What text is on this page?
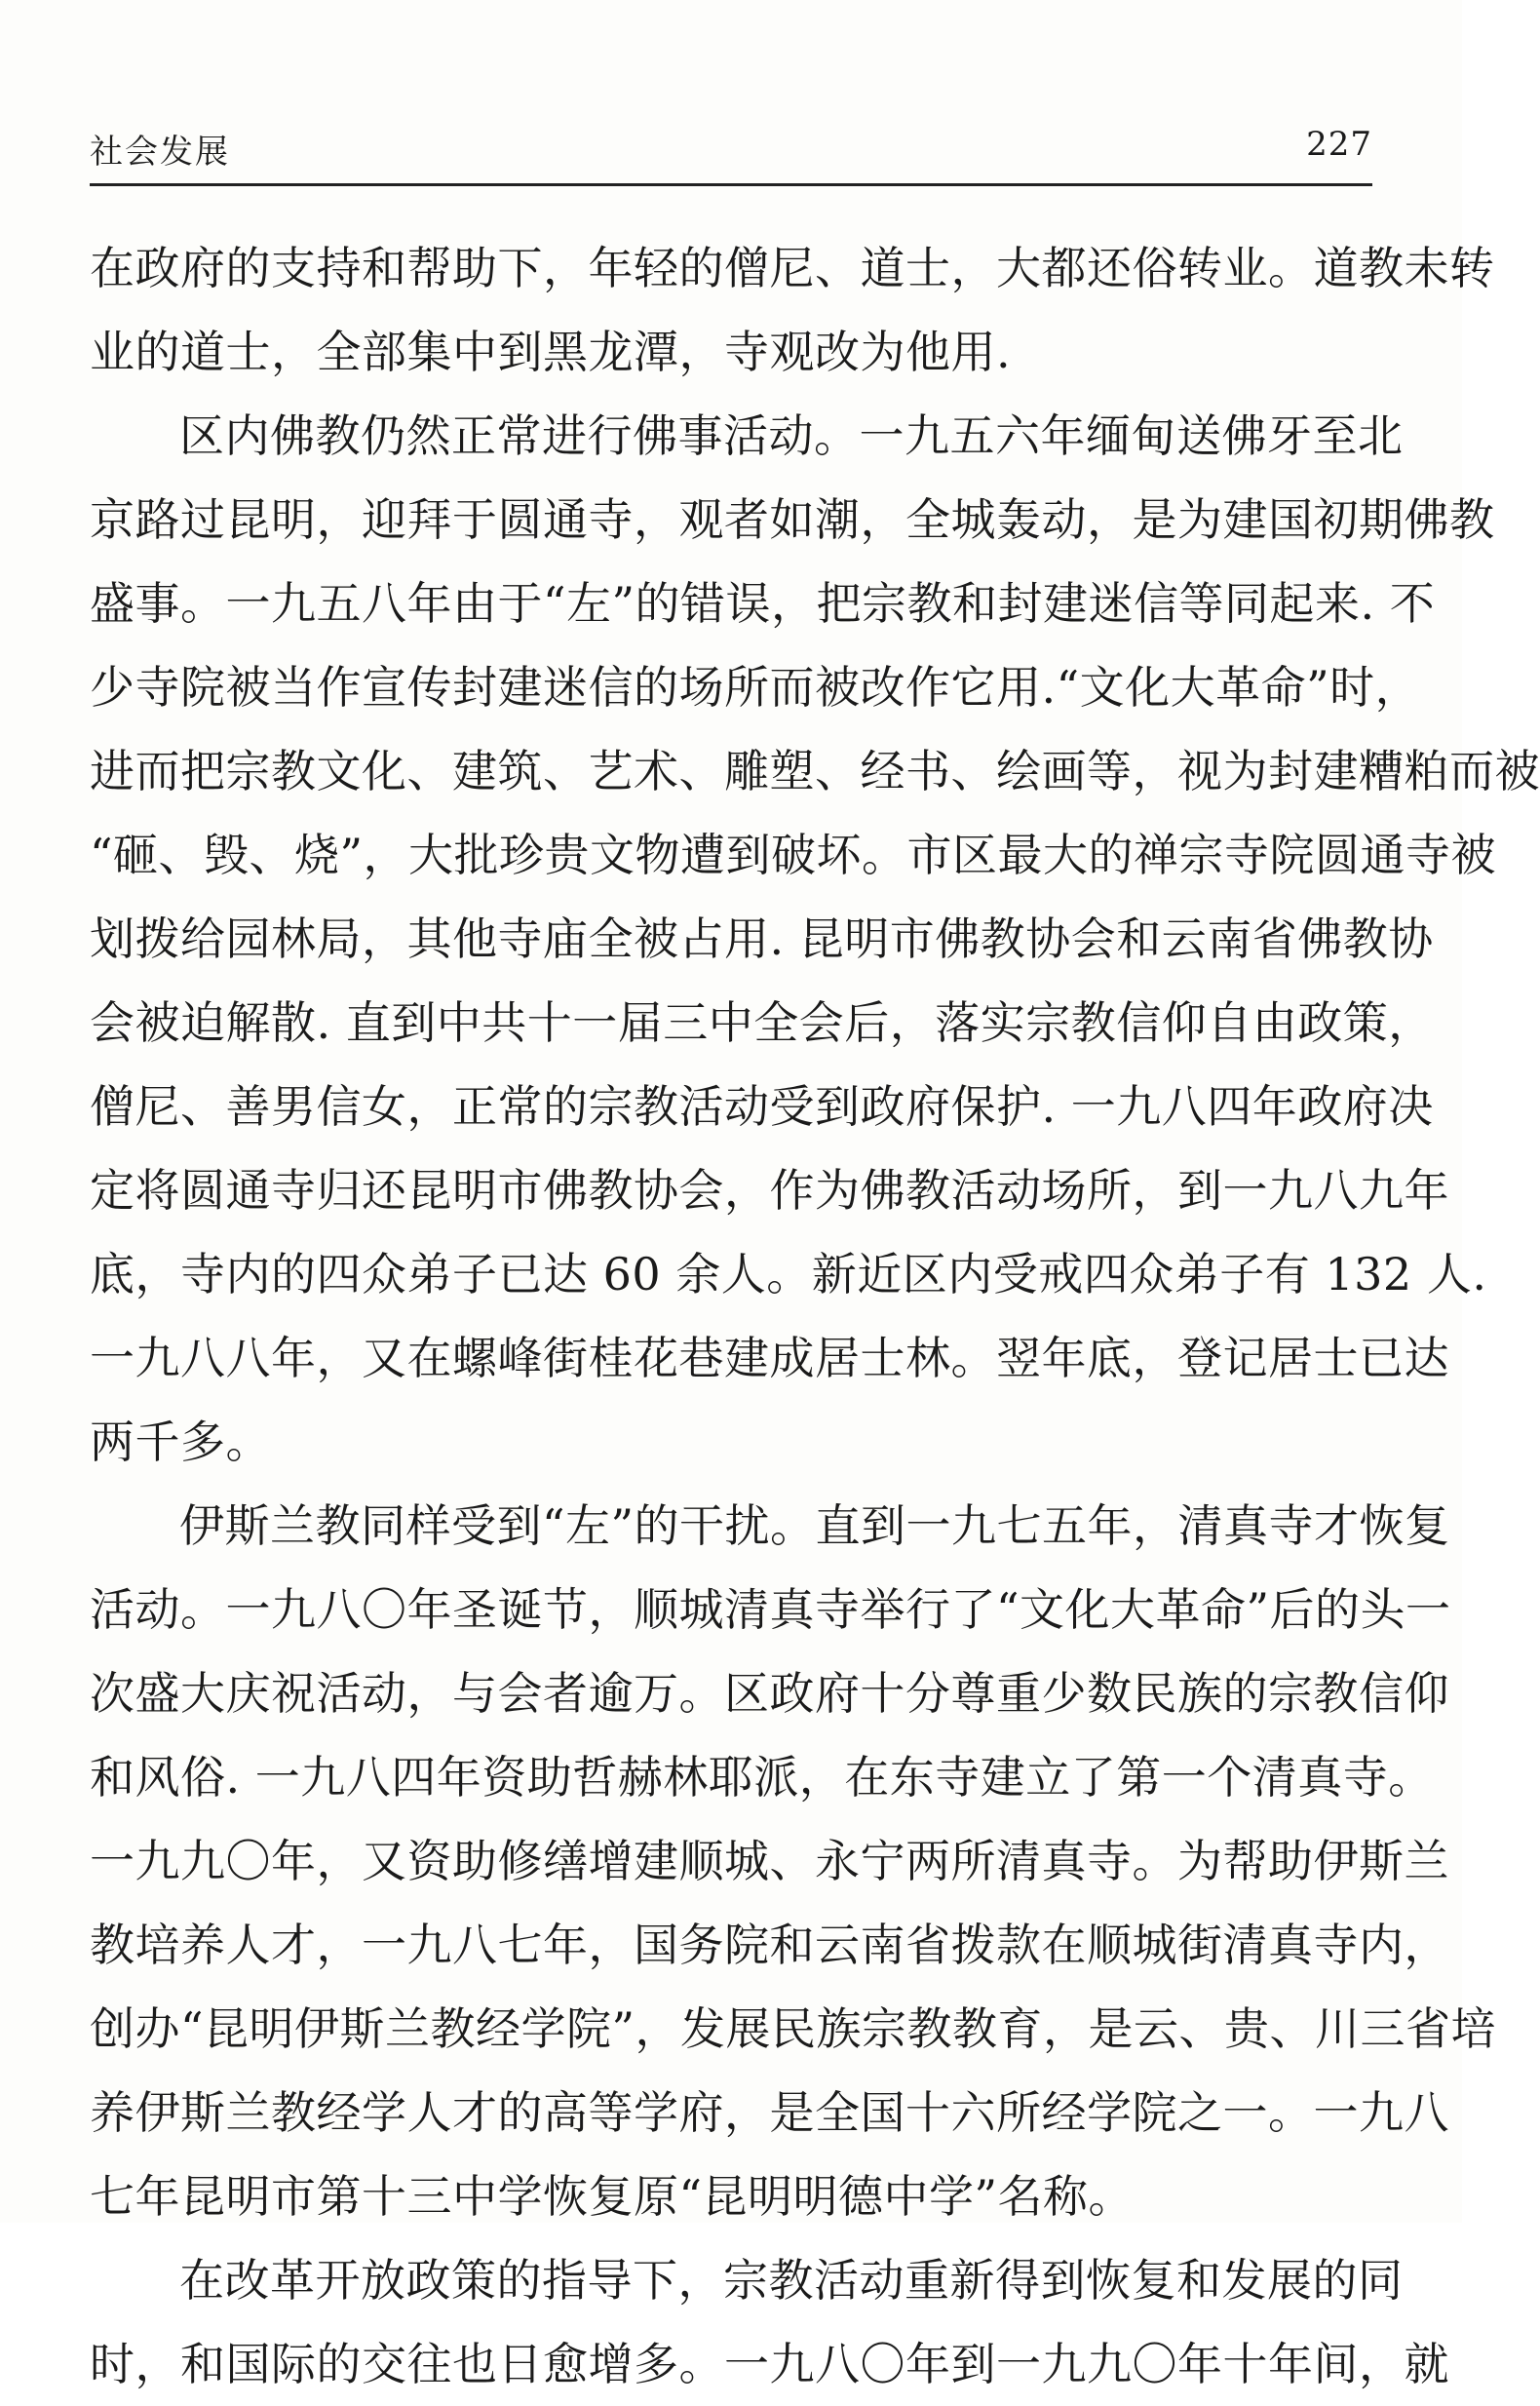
社会发展	227
在政府的支持和帮助下，年轻的僧尼、道士，大都还俗转业。道教未转
业的道士，全部集中到黑龙潭，寺观改为他用.
区内佛教仍然正常进行佛事活动。一九五六年缅甸送佛牙至北
京路过昆明，迎拜于圆通寺，观者如潮，全城轰动，是为建国初期佛教
盛事。一九五八年由于“左”的错误，把宗教和封建迷信等同起来. 不
少寺院被当作宣传封建迷信的场所而被改作它用.“文化大革命”时，
进而把宗教文化、建筑、艺术、雕塑、经书、绘画等，视为封建糟粕而被
“砸、毁、烧”，大批珍贵文物遭到破坏。市区最大的禅宗寺院圆通寺被
划拨给园林局，其他寺庙全被占用. 昆明市佛教协会和云南省佛教协
会被迫解散. 直到中共十一届三中全会后，落实宗教信仰自由政策，
僧尼、善男信女，正常的宗教活动受到政府保护. 一九八四年政府决
定将圆通寺归还昆明市佛教协会，作为佛教活动场所，到一九八九年
底，寺内的四众弟子已达 60 余人。新近区内受戒四众弟子有 132 人.
一九八八年，又在螺峰街桂花巷建成居士林。翌年底，登记居士已达
两千多。
伊斯兰教同样受到“左”的干扰。直到一九七五年，清真寺才恢复
活动。一九八〇年圣诞节，顺城清真寺举行了“文化大革命”后的头一
次盛大庆祝活动，与会者逾万。区政府十分尊重少数民族的宗教信仰
和风俗. 一九八四年资助哲赫林耶派，在东寺建立了第一个清真寺。
一九九〇年，又资助修缮增建顺城、永宁两所清真寺。为帮助伊斯兰
教培养人才，一九八七年，国务院和云南省拨款在顺城街清真寺内，
创办“昆明伊斯兰教经学院”，发展民族宗教教育，是云、贵、川三省培
养伊斯兰教经学人才的高等学府，是全国十六所经学院之一。一九八
七年昆明市第十三中学恢复原“昆明明德中学”名称。
在改革开放政策的指导下，宗教活动重新得到恢复和发展的同
时，和国际的交往也日愈增多。一九八〇年到一九九〇年十年间，就
